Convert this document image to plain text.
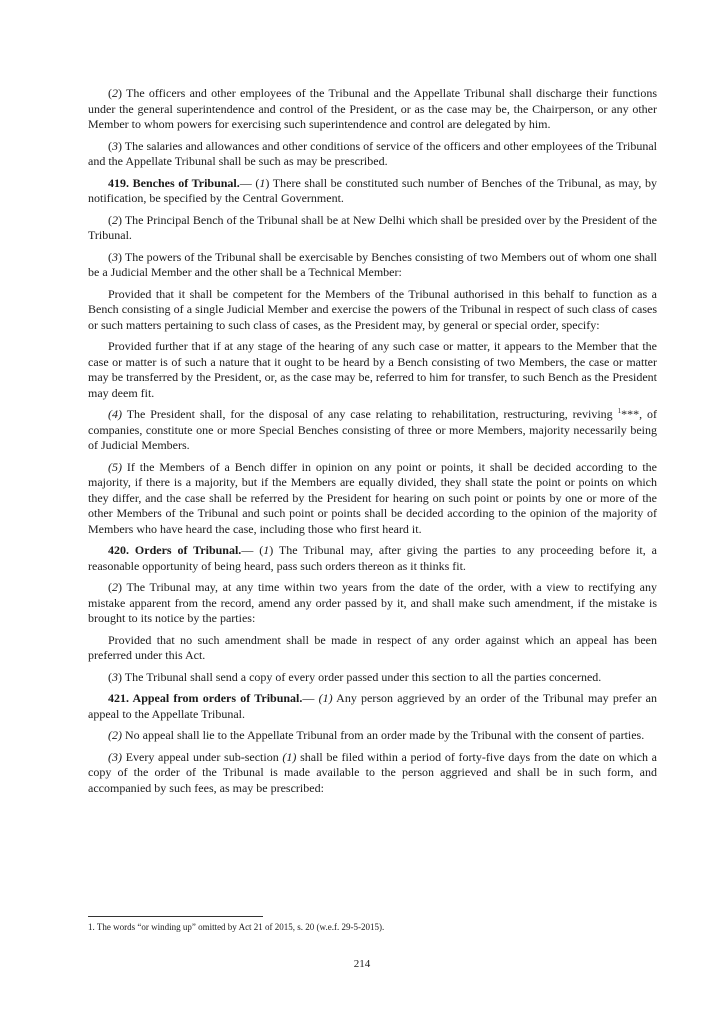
(2) The officers and other employees of the Tribunal and the Appellate Tribunal shall discharge their functions under the general superintendence and control of the President, or as the case may be, the Chairperson, or any other Member to whom powers for exercising such superintendence and control are delegated by him.

(3) The salaries and allowances and other conditions of service of the officers and other employees of the Tribunal and the Appellate Tribunal shall be such as may be prescribed.

419. Benches of Tribunal.— (1) There shall be constituted such number of Benches of the Tribunal, as may, by notification, be specified by the Central Government.

(2) The Principal Bench of the Tribunal shall be at New Delhi which shall be presided over by the President of the Tribunal.

(3) The powers of the Tribunal shall be exercisable by Benches consisting of two Members out of whom one shall be a Judicial Member and the other shall be a Technical Member:

Provided that it shall be competent for the Members of the Tribunal authorised in this behalf to function as a Bench consisting of a single Judicial Member and exercise the powers of the Tribunal in respect of such class of cases or such matters pertaining to such class of cases, as the President may, by general or special order, specify:

Provided further that if at any stage of the hearing of any such case or matter, it appears to the Member that the case or matter is of such a nature that it ought to be heard by a Bench consisting of two Members, the case or matter may be transferred by the President, or, as the case may be, referred to him for transfer, to such Bench as the President may deem fit.

(4) The President shall, for the disposal of any case relating to rehabilitation, restructuring, reviving $^1$***, of companies, constitute one or more Special Benches consisting of three or more Members, majority necessarily being of Judicial Members.

(5) If the Members of a Bench differ in opinion on any point or points, it shall be decided according to the majority, if there is a majority, but if the Members are equally divided, they shall state the point or points on which they differ, and the case shall be referred by the President for hearing on such point or points by one or more of the other Members of the Tribunal and such point or points shall be decided according to the opinion of the majority of Members who have heard the case, including those who first heard it.

420. Orders of Tribunal.— (1) The Tribunal may, after giving the parties to any proceeding before it, a reasonable opportunity of being heard, pass such orders thereon as it thinks fit.

(2) The Tribunal may, at any time within two years from the date of the order, with a view to rectifying any mistake apparent from the record, amend any order passed by it, and shall make such amendment, if the mistake is brought to its notice by the parties:

Provided that no such amendment shall be made in respect of any order against which an appeal has been preferred under this Act.

(3) The Tribunal shall send a copy of every order passed under this section to all the parties concerned.

421. Appeal from orders of Tribunal.— (1) Any person aggrieved by an order of the Tribunal may prefer an appeal to the Appellate Tribunal.

(2) No appeal shall lie to the Appellate Tribunal from an order made by the Tribunal with the consent of parties.

(3) Every appeal under sub-section (1) shall be filed within a period of forty-five days from the date on which a copy of the order of the Tribunal is made available to the person aggrieved and shall be in such form, and accompanied by such fees, as may be prescribed:

1. The words “or winding up” omitted by Act 21 of 2015, s. 20 (w.e.f. 29-5-2015).
214
